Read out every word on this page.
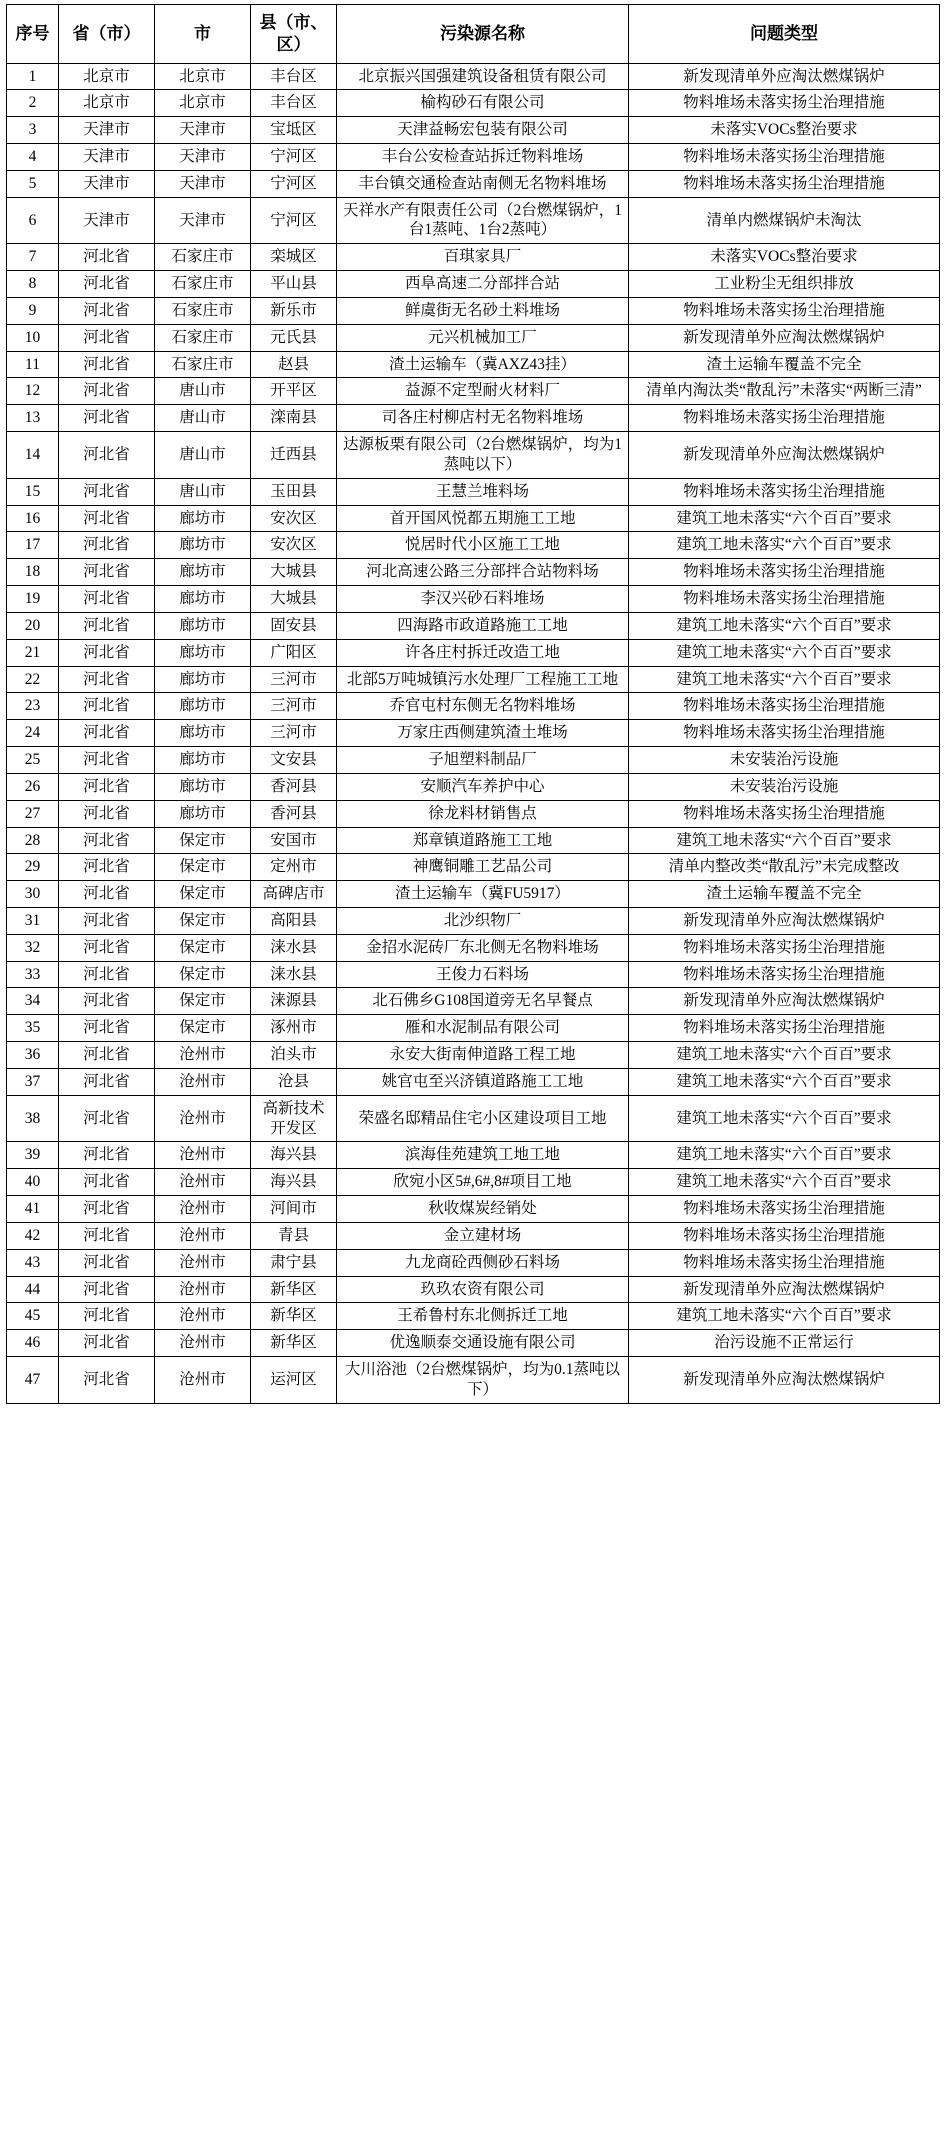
序号	省（市）	市	县（市、区）	污染源名称	问题类型
1	北京市	北京市	丰台区	北京振兴国强建筑设备租赁有限公司	新发现清单外应淘汰燃煤锅炉
2	北京市	北京市	丰台区	榆构砂石有限公司	物料堆场未落实扬尘治理措施
3	天津市	天津市	宝坻区	天津益畅宏包装有限公司	未落实VOCs整治要求
4	天津市	天津市	宁河区	丰台公安检查站拆迁物料堆场	物料堆场未落实扬尘治理措施
5	天津市	天津市	宁河区	丰台镇交通检查站南侧无名物料堆场	物料堆场未落实扬尘治理措施
6	天津市	天津市	宁河区	天祥水产有限责任公司（2台燃煤锅炉，1台1蒸吨、1台2蒸吨）	清单内燃煤锅炉未淘汰
7	河北省	石家庄市	栾城区	百琪家具厂	未落实VOCs整治要求
8	河北省	石家庄市	平山县	西阜高速二分部拌合站	工业粉尘无组织排放
9	河北省	石家庄市	新乐市	鲜虞街无名砂土料堆场	物料堆场未落实扬尘治理措施
10	河北省	石家庄市	元氏县	元兴机械加工厂	新发现清单外应淘汰燃煤锅炉
11	河北省	石家庄市	赵县	渣土运输车（冀AXZ43挂）	渣土运输车覆盖不完全
12	河北省	唐山市	开平区	益源不定型耐火材料厂	清单内淘汰类“散乱污”未落实“两断三清”
13	河北省	唐山市	滦南县	司各庄村柳店村无名物料堆场	物料堆场未落实扬尘治理措施
14	河北省	唐山市	迁西县	达源板栗有限公司（2台燃煤锅炉，均为1蒸吨以下）	新发现清单外应淘汰燃煤锅炉
15	河北省	唐山市	玉田县	王慧兰堆料场	物料堆场未落实扬尘治理措施
16	河北省	廊坊市	安次区	首开国风悦都五期施工工地	建筑工地未落实“六个百百”要求
17	河北省	廊坊市	安次区	悦居时代小区施工工地	建筑工地未落实“六个百百”要求
18	河北省	廊坊市	大城县	河北高速公路三分部拌合站物料场	物料堆场未落实扬尘治理措施
19	河北省	廊坊市	大城县	李汉兴砂石料堆场	物料堆场未落实扬尘治理措施
20	河北省	廊坊市	固安县	四海路市政道路施工工地	建筑工地未落实“六个百百”要求
21	河北省	廊坊市	广阳区	许各庄村拆迁改造工地	建筑工地未落实“六个百百”要求
22	河北省	廊坊市	三河市	北部5万吨城镇污水处理厂工程施工工地	建筑工地未落实“六个百百”要求
23	河北省	廊坊市	三河市	乔官屯村东侧无名物料堆场	物料堆场未落实扬尘治理措施
24	河北省	廊坊市	三河市	万家庄西侧建筑渣土堆场	物料堆场未落实扬尘治理措施
25	河北省	廊坊市	文安县	子旭塑料制品厂	未安装治污设施
26	河北省	廊坊市	香河县	安顺汽车养护中心	未安装治污设施
27	河北省	廊坊市	香河县	徐龙料材销售点	物料堆场未落实扬尘治理措施
28	河北省	保定市	安国市	郑章镇道路施工工地	建筑工地未落实“六个百百”要求
29	河北省	保定市	定州市	神鹰铜雕工艺品公司	清单内整改类“散乱污”未完成整改
30	河北省	保定市	高碑店市	渣土运输车（冀FU5917）	渣土运输车覆盖不完全
31	河北省	保定市	高阳县	北沙织物厂	新发现清单外应淘汰燃煤锅炉
32	河北省	保定市	涞水县	金招水泥砖厂东北侧无名物料堆场	物料堆场未落实扬尘治理措施
33	河北省	保定市	涞水县	王俊力石料场	物料堆场未落实扬尘治理措施
34	河北省	保定市	涞源县	北石佛乡G108国道旁无名早餐点	新发现清单外应淘汰燃煤锅炉
35	河北省	保定市	涿州市	雁和水泥制品有限公司	物料堆场未落实扬尘治理措施
36	河北省	沧州市	泊头市	永安大街南伸道路工程工地	建筑工地未落实“六个百百”要求
37	河北省	沧州市	沧县	姚官屯至兴济镇道路施工工地	建筑工地未落实“六个百百”要求
38	河北省	沧州市	高新技术开发区	荣盛名邸精品住宅小区建设项目工地	建筑工地未落实“六个百百”要求
39	河北省	沧州市	海兴县	滨海佳苑建筑工地工地	建筑工地未落实“六个百百”要求
40	河北省	沧州市	海兴县	欣宛小区5#,6#,8#项目工地	建筑工地未落实“六个百百”要求
41	河北省	沧州市	河间市	秋收煤炭经销处	物料堆场未落实扬尘治理措施
42	河北省	沧州市	青县	金立建材场	物料堆场未落实扬尘治理措施
43	河北省	沧州市	肃宁县	九龙商砼西侧砂石料场	物料堆场未落实扬尘治理措施
44	河北省	沧州市	新华区	玖玖农资有限公司	新发现清单外应淘汰燃煤锅炉
45	河北省	沧州市	新华区	王希鲁村东北侧拆迁工地	建筑工地未落实“六个百百”要求
46	河北省	沧州市	新华区	优逸顺泰交通设施有限公司	治污设施不正常运行
47	河北省	沧州市	运河区	大川浴池（2台燃煤锅炉，均为0.1蒸吨以下）	新发现清单外应淘汰燃煤锅炉
